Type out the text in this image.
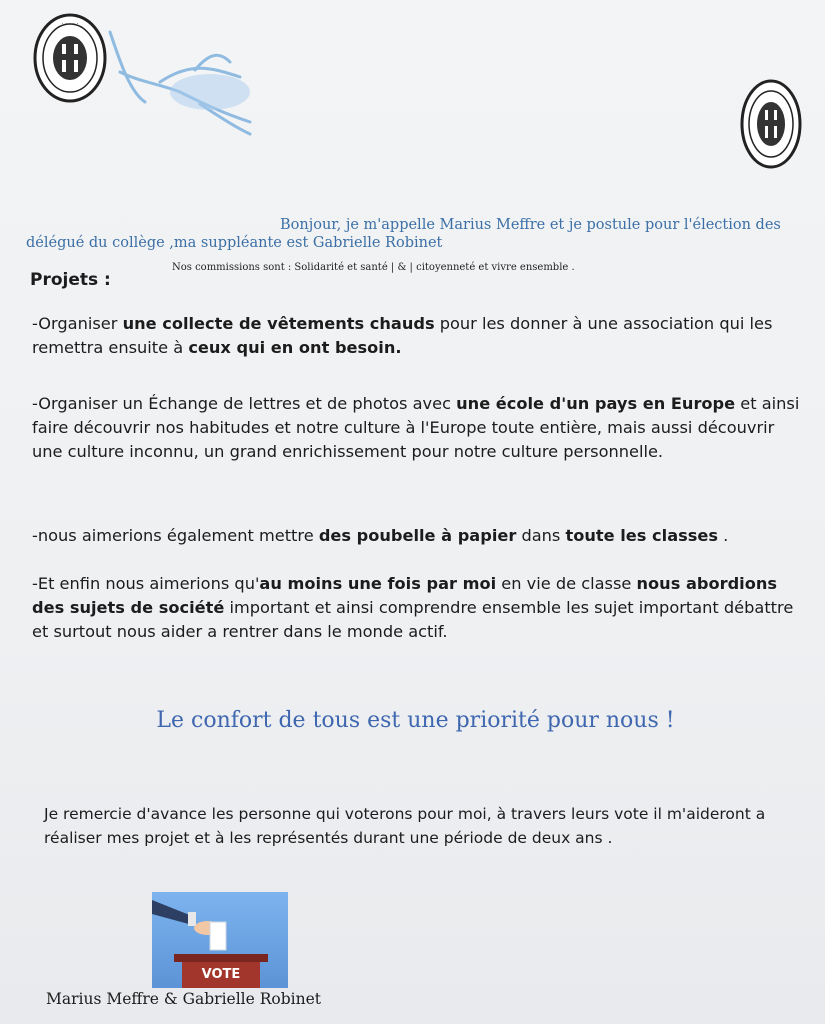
· · · · ·
Bonjour, je m'appelle Marius Meffre et je postule pour l'élection des
délégué du collège ,ma suppléante est Gabrielle Robinet
Nos commissions sont : Solidarité et santé | & | citoyenneté et vivre ensemble .
Projets :
-Organiser une collecte de vêtements chauds pour les donner à une association qui les remettra ensuite à ceux qui en ont besoin.
-Organiser un Échange de lettres et de photos avec une école d'un pays en Europe et ainsi faire découvrir nos habitudes et notre culture à l'Europe toute entière, mais aussi découvrir une culture inconnu, un grand enrichissement pour notre culture personnelle.
-nous aimerions également mettre des poubelle à papier dans toute les classes .
-Et enfin nous aimerions qu'au moins une fois par moi en vie de classe nous abordions des sujets de société important et ainsi comprendre ensemble les sujet important débattre et surtout nous aider a rentrer dans le monde actif.
Le confort de tous est une priorité pour nous !
Je remercie d'avance les personne qui voterons pour moi, à travers leurs vote il m'aideront a réaliser mes projet et à les représentés durant une période de deux ans .
VOTE
Marius Meffre & Gabrielle Robinet
